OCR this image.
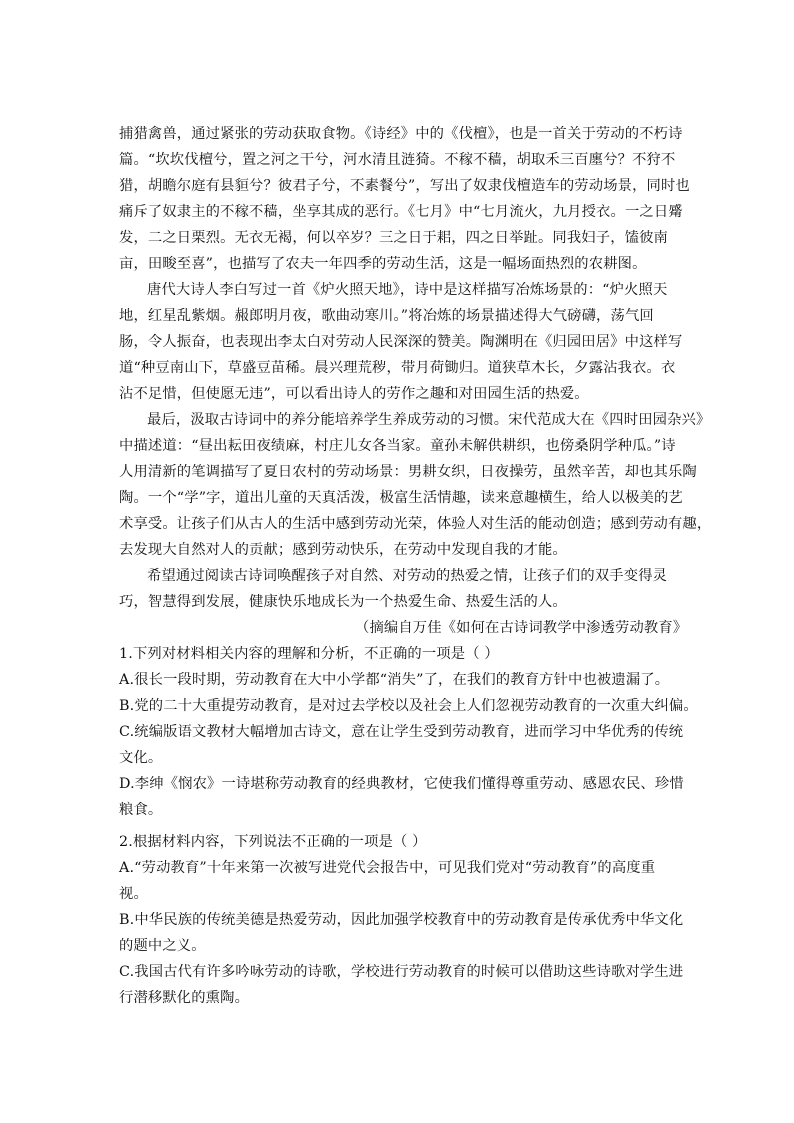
捕猎禽兽，通过紧张的劳动获取食物。《诗经》中的《伐檀》，也是一首关于劳动的不朽诗
篇。“坎坎伐檀兮，置之河之干兮，河水清且涟猗。不稼不穑，胡取禾三百廛兮？不狩不
猎，胡瞻尔庭有县貆兮？彼君子兮，不素餐兮”，写出了奴隶伐檀造车的劳动场景，同时也
痛斥了奴隶主的不稼不穑，坐享其成的恶行。《七月》中“七月流火，九月授衣。一之日觱
发，二之日栗烈。无衣无褐，何以卒岁？三之日于耜，四之日举趾。同我妇子，馌彼南
亩，田畯至喜”，也描写了农夫一年四季的劳动生活，这是一幅场面热烈的农耕图。
唐代大诗人李白写过一首《炉火照天地》，诗中是这样描写冶炼场景的：“炉火照天
地，红星乱紫烟。赧郎明月夜，歌曲动寒川。”将冶炼的场景描述得大气磅礴，荡气回
肠，令人振奋，也表现出李太白对劳动人民深深的赞美。陶渊明在《归园田居》中这样写
道“种豆南山下，草盛豆苗稀。晨兴理荒秽，带月荷锄归。道狭草木长，夕露沾我衣。衣
沾不足惜，但使愿无违”，可以看出诗人的劳作之趣和对田园生活的热爱。
最后，汲取古诗词中的养分能培养学生养成劳动的习惯。宋代范成大在《四时田园杂兴》
中描述道：“昼出耘田夜绩麻，村庄儿女各当家。童孙未解供耕织，也傍桑阴学种瓜。”诗
人用清新的笔调描写了夏日农村的劳动场景：男耕女织，日夜操劳，虽然辛苦，却也其乐陶
陶。一个“学”字，道出儿童的天真活泼，极富生活情趣，读来意趣横生，给人以极美的艺
术享受。让孩子们从古人的生活中感到劳动光荣，体验人对生活的能动创造；感到劳动有趣，
去发现大自然对人的贡献；感到劳动快乐，在劳动中发现自我的才能。
希望通过阅读古诗词唤醒孩子对自然、对劳动的热爱之情，让孩子们的双手变得灵
巧，智慧得到发展，健康快乐地成长为一个热爱生命、热爱生活的人。
（摘编自万佳《如何在古诗词教学中渗透劳动教育》
1.下列对材料相关内容的理解和分析，不正确的一项是（ ）
A.很长一段时期，劳动教育在大中小学都“消失”了，在我们的教育方针中也被遗漏了。
B.党的二十大重提劳动教育，是对过去学校以及社会上人们忽视劳动教育的一次重大纠偏。
C.统编版语文教材大幅增加古诗文，意在让学生受到劳动教育，进而学习中华优秀的传统
文化。
D.李绅《悯农》一诗堪称劳动教育的经典教材，它使我们懂得尊重劳动、感恩农民、珍惜
粮食。
2.根据材料内容，下列说法不正确的一项是（ ）
A.“劳动教育”十年来第一次被写进党代会报告中，可见我们党对“劳动教育”的高度重
视。
B.中华民族的传统美德是热爱劳动，因此加强学校教育中的劳动教育是传承优秀中华文化
的题中之义。
C.我国古代有许多吟咏劳动的诗歌，学校进行劳动教育的时候可以借助这些诗歌对学生进
行潜移默化的熏陶。
